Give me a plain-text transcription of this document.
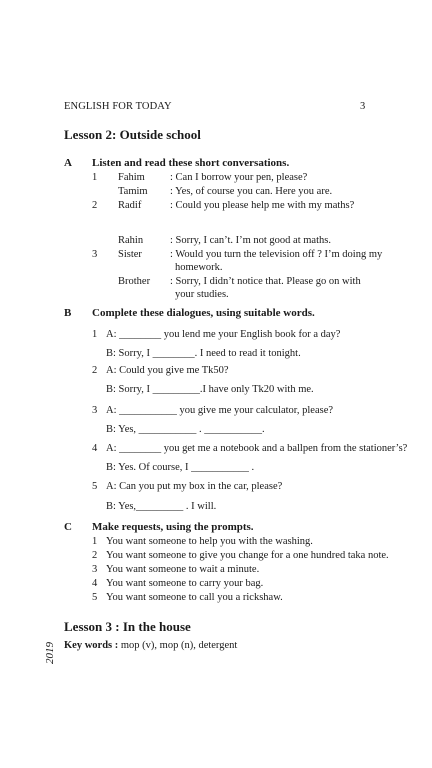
ENGLISH FOR TODAY	3
Lesson 2: Outside school
A Listen and read these short conversations.
1 Fahim : Can I borrow your pen, please?
Tamim : Yes, of course you can. Here you are.
2 Radif	: Could you please help me with my maths?
Rahin	: Sorry, I can’t. I’m not good at maths.
3 Sister	: Would you turn the television off ? I’m doing my
homework.
Brother : Sorry, I didn’t notice that. Please go on with
your studies.
B Complete these dialogues, using suitable words.
1 A: ________ you lend me your English book for a day?
B: Sorry, I ________. I need to read it tonight.
2 A: Could you give me Tk50?
B: Sorry, I _________.I have only Tk20 with me.
3 A: ___________ you give me your calculator, please?
B: Yes, ___________ . ___________.
4 A: ________ you get me a notebook and a ballpen from the stationer’s?
B: Yes. Of course, I ___________ .
5 A: Can you put my box in the car, please?
B: Yes,_________ . I will.
C Make requests, using the prompts.
1 You want someone to help you with the washing.
2 You want someone to give you change for a one hundred taka note.
3 You want someone to wait a minute.
4 You want someone to carry your bag.
5 You want someone to call you a rickshaw.
Lesson 3 : In the house
Key words : mop (v), mop (n), detergent
2019
